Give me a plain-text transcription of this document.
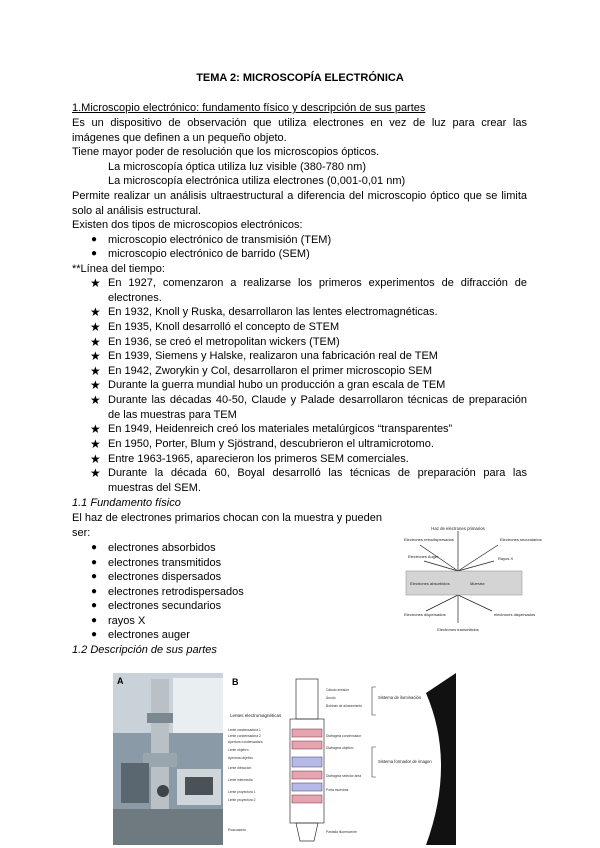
TEMA 2: MICROSCOPÍA ELECTRÓNICA
1.Microscopio electrónico: fundamento físico y descripción de sus partes
Es un dispositivo de observación que utiliza electrones en vez de luz para crear las
imágenes que definen a un pequeño objeto.
Tiene mayor poder de resolución que los microscopios ópticos.
La microscopía óptica utiliza luz visible (380-780 nm)
La microscopía electrónica utiliza electrones (0,001-0,01 nm)
Permite realizar un análisis ultraestructural a diferencia del microscopio óptico que se limita
solo al análisis estructural.
Existen dos tipos de microscopios electrónicos:
● microscopio electrónico de transmisión (TEM)
● microscopio electrónico de barrido (SEM)
**Línea del tiempo:
★ En 1927, comenzaron a realizarse los primeros experimentos de difracción de
electrones.
★ En 1932, Knoll y Ruska, desarrollaron las lentes electromagnéticas.
★ En 1935, Knoll desarrolló el concepto de STEM
★ En 1936, se creó el metropolitan wickers (TEM)
★ En 1939, Siemens y Halske, realizaron una fabricación real de TEM
★ En 1942, Zworykin y Col, desarrollaron el primer microscopio SEM
★ Durante la guerra mundial hubo un producción a gran escala de TEM
★ Durante las décadas 40-50, Claude y Palade desarrollaron técnicas de preparación
de las muestras para TEM
★ En 1949, Heidenreich creó los materiales metalúrgicos “transparentes”
★ En 1950, Porter, Blum y Sjöstrand, descubrieron el ultramicrotomo.
★ Entre 1963-1965, aparecieron los primeros SEM comerciales.
★ Durante la década 60, Boyal desarrolló las técnicas de preparación para las
muestras del SEM.
1.1 Fundamento físico
El haz de electrones primarios chocan con la muestra y pueden
ser:
● electrones absorbidos
● electrones transmitidos
● electrones dispersados
● electrones retrodispersados
● electrones secundarios
● rayos X
● electrones auger
1.2 Descripción de sus partes
Haz de electrones primarios
Electrones retrodispersados	Electrones secundarios
Electrones Auger	Rayos X
Electrones absorbidos	Muestra
Electrones dispersados	electrones dispersados
Electrones transmitidos
A	B
Lentes electromagnéticas
Sistema de iluminación
Sistema formador de imagen
Cátodo emisión
Ánodo
Bobinas de alineamiento
Diafragma condensador
Diafragma objetivo
Diafragma selector área
Porta muestras
Pantalla fluorescente
Lente condensadora 1
Lente condensadora 2
Apertura condensadora
Lente objetivo
Apertura objetivo
Lente difracción
Lente intermedia
Lente proyectora 1
Lente proyectora 2
Evacuación
